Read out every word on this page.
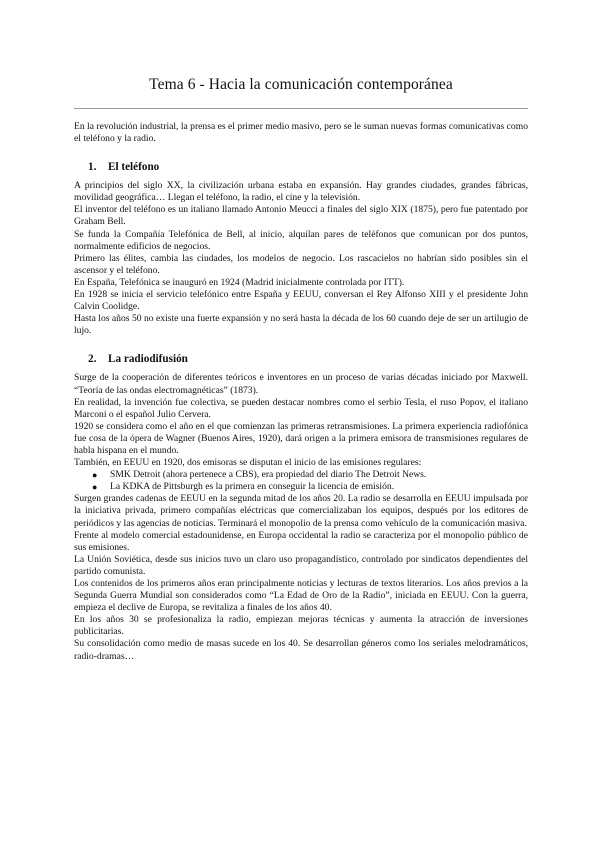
Tema 6 - Hacia la comunicación contemporánea

En la revolución industrial, la prensa es el primer medio masivo, pero se le suman nuevas formas comunicativas como el teléfono y la radio.

1. El teléfono

A principios del siglo XX, la civilización urbana estaba en expansión. Hay grandes ciudades, grandes fábricas, movilidad geográfica… Llegan el teléfono, la radio, el cine y la televisión.

El inventor del teléfono es un italiano llamado Antonio Meucci a finales del siglo XIX (1875), pero fue patentado por Graham Bell.

Se funda la Compañía Telefónica de Bell, al inicio, alquilan pares de teléfonos que comunican por dos puntos, normalmente edificios de negocios.

Primero las élites, cambia las ciudades, los modelos de negocio. Los rascacielos no habrían sido posibles sin el ascensor y el teléfono.

En España, Telefónica se inauguró en 1924 (Madrid inicialmente controlada por ITT).

En 1928 se inicia el servicio telefónico entre España y EEUU, conversan el Rey Alfonso XIII y el presidente John Calvin Coolidge.

Hasta los años 50 no existe una fuerte expansión y no será hasta la década de los 60 cuando deje de ser un artilugio de lujo.

2. La radiodifusión

Surge de la cooperación de diferentes teóricos e inventores en un proceso de varias décadas iniciado por Maxwell. “Teoría de las ondas electromagnéticas” (1873).

En realidad, la invención fue colectiva, se pueden destacar nombres como el serbio Tesla, el ruso Popov, el italiano Marconi o el español Julio Cervera.

1920 se considera como el año en el que comienzan las primeras retransmisiones. La primera experiencia radiofónica fue cosa de la ópera de Wagner (Buenos Aires, 1920), dará origen a la primera emisora de transmisiones regulares de habla hispana en el mundo.

También, en EEUU en 1920, dos emisoras se disputan el inicio de las emisiones regulares:

● SMK Detroit (ahora pertenece a CBS), era propiedad del diario The Detroit News.
● La KDKA de Pittsburgh es la primera en conseguir la licencia de emisión.

Surgen grandes cadenas de EEUU en la segunda mitad de los años 20. La radio se desarrolla en EEUU impulsada por la iniciativa privada, primero compañías eléctricas que comercializaban los equipos, después por los editores de periódicos y las agencias de noticias. Terminará el monopolio de la prensa como vehículo de la comunicación masiva.

Frente al modelo comercial estadounidense, en Europa occidental la radio se caracteriza por el monopolio público de sus emisiones.

La Unión Soviética, desde sus inicios tuvo un claro uso propagandístico, controlado por sindicatos dependientes del partido comunista.

Los contenidos de los primeros años eran principalmente noticias y lecturas de textos literarios. Los años previos a la Segunda Guerra Mundial son considerados como “La Edad de Oro de la Radio”, iniciada en EEUU. Con la guerra, empieza el declive de Europa, se revitaliza a finales de los años 40.

En los años 30 se profesionaliza la radio, empiezan mejoras técnicas y aumenta la atracción de inversiones publicitarias.

Su consolidación como medio de masas sucede en los 40. Se desarrollan géneros como los seriales melodramáticos, radio-dramas…
